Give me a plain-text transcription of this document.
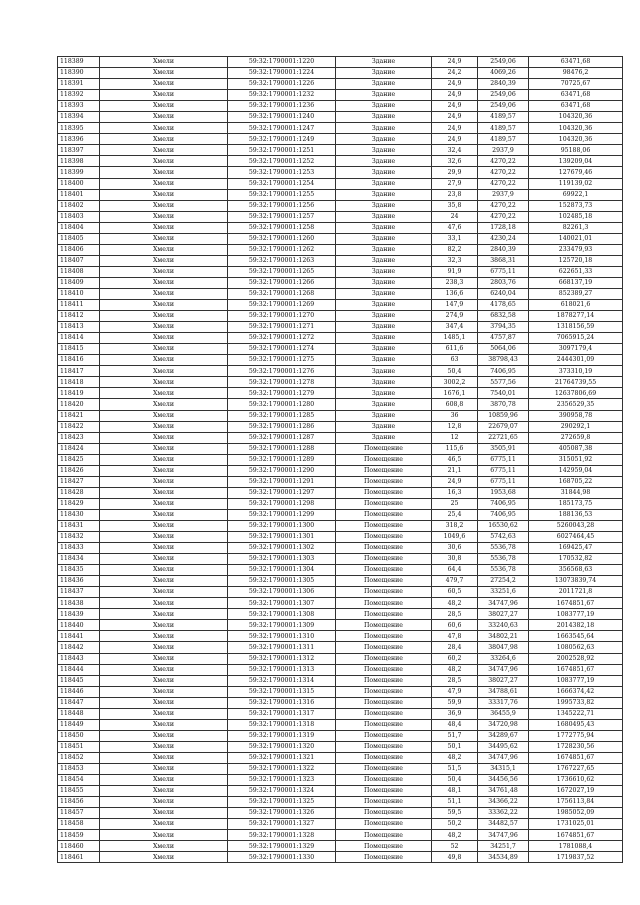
118389	Хмели	59:32:1790001:1220	Здание	24,9	2549,06	63471,68
118390	Хмели	59:32:1790001:1224	Здание	24,2	4069,26	98476,2
118391	Хмели	59:32:1790001:1226	Здание	24,9	2840,39	70725,67
118392	Хмели	59:32:1790001:1232	Здание	24,9	2549,06	63471,68
118393	Хмели	59:32:1790001:1236	Здание	24,9	2549,06	63471,68
118394	Хмели	59:32:1790001:1240	Здание	24,9	4189,57	104320,36
118395	Хмели	59:32:1790001:1247	Здание	24,9	4189,57	104320,36
118396	Хмели	59:32:1790001:1249	Здание	24,9	4189,57	104320,36
118397	Хмели	59:32:1790001:1251	Здание	32,4	2937,9	95188,06
118398	Хмели	59:32:1790001:1252	Здание	32,6	4270,22	139209,04
118399	Хмели	59:32:1790001:1253	Здание	29,9	4270,22	127679,46
118400	Хмели	59:32:1790001:1254	Здание	27,9	4270,22	119139,02
118401	Хмели	59:32:1790001:1255	Здание	23,8	2937,9	69922,1
118402	Хмели	59:32:1790001:1256	Здание	35,8	4270,22	152873,73
118403	Хмели	59:32:1790001:1257	Здание	24	4270,22	102485,18
118404	Хмели	59:32:1790001:1258	Здание	47,6	1728,18	82261,3
118405	Хмели	59:32:1790001:1260	Здание	33,1	4230,24	140021,01
118406	Хмели	59:32:1790001:1262	Здание	82,2	2840,39	233479,93
118407	Хмели	59:32:1790001:1263	Здание	32,3	3868,31	125720,18
118408	Хмели	59:32:1790001:1265	Здание	91,9	6775,11	622651,33
118409	Хмели	59:32:1790001:1266	Здание	238,3	2803,76	668137,19
118410	Хмели	59:32:1790001:1268	Здание	136,6	6240,04	852389,27
118411	Хмели	59:32:1790001:1269	Здание	147,9	4178,65	618021,6
118412	Хмели	59:32:1790001:1270	Здание	274,9	6832,58	1878277,14
118413	Хмели	59:32:1790001:1271	Здание	347,4	3794,35	1318156,59
118414	Хмели	59:32:1790001:1272	Здание	1485,1	4757,87	7065915,24
118415	Хмели	59:32:1790001:1274	Здание	611,6	5064,06	3097179,4
118416	Хмели	59:32:1790001:1275	Здание	63	38798,43	2444301,09
118417	Хмели	59:32:1790001:1276	Здание	50,4	7406,95	373310,19
118418	Хмели	59:32:1790001:1278	Здание	3002,2	5577,56	21764739,55
118419	Хмели	59:32:1790001:1279	Здание	1676,1	7540,01	12637806,69
118420	Хмели	59:32:1790001:1280	Здание	608,8	3870,78	2356529,35
118421	Хмели	59:32:1790001:1285	Здание	36	10859,96	390958,78
118422	Хмели	59:32:1790001:1286	Здание	12,8	22679,07	290292,1
118423	Хмели	59:32:1790001:1287	Здание	12	22721,65	272659,8
118424	Хмели	59:32:1790001:1288	Помещение	115,6	3505,91	405087,38
118425	Хмели	59:32:1790001:1289	Помещение	46,5	6775,11	315051,92
118426	Хмели	59:32:1790001:1290	Помещение	21,1	6775,11	142959,04
118427	Хмели	59:32:1790001:1291	Помещение	24,9	6775,11	168705,22
118428	Хмели	59:32:1790001:1297	Помещение	16,3	1953,68	31844,98
118429	Хмели	59:32:1790001:1298	Помещение	25	7406,95	185173,75
118430	Хмели	59:32:1790001:1299	Помещение	25,4	7406,95	188136,53
118431	Хмели	59:32:1790001:1300	Помещение	318,2	16530,62	5260043,28
118432	Хмели	59:32:1790001:1301	Помещение	1049,6	5742,63	6027464,45
118433	Хмели	59:32:1790001:1302	Помещение	30,6	5536,78	169425,47
118434	Хмели	59:32:1790001:1303	Помещение	30,8	5536,78	170532,82
118435	Хмели	59:32:1790001:1304	Помещение	64,4	5536,78	356568,63
118436	Хмели	59:32:1790001:1305	Помещение	479,7	27254,2	13073839,74
118437	Хмели	59:32:1790001:1306	Помещение	60,5	33251,6	2011721,8
118438	Хмели	59:32:1790001:1307	Помещение	48,2	34747,96	1674851,67
118439	Хмели	59:32:1790001:1308	Помещение	28,5	38027,27	1083777,19
118440	Хмели	59:32:1790001:1309	Помещение	60,6	33240,63	2014382,18
118441	Хмели	59:32:1790001:1310	Помещение	47,8	34802,21	1663545,64
118442	Хмели	59:32:1790001:1311	Помещение	28,4	38047,98	1080562,63
118443	Хмели	59:32:1790001:1312	Помещение	60,2	33264,6	2002528,92
118444	Хмели	59:32:1790001:1313	Помещение	48,2	34747,96	1674851,67
118445	Хмели	59:32:1790001:1314	Помещение	28,5	38027,27	1083777,19
118446	Хмели	59:32:1790001:1315	Помещение	47,9	34788,61	1666374,42
118447	Хмели	59:32:1790001:1316	Помещение	59,9	33317,76	1995733,82
118448	Хмели	59:32:1790001:1317	Помещение	36,9	36455,9	1345222,71
118449	Хмели	59:32:1790001:1318	Помещение	48,4	34720,98	1680495,43
118450	Хмели	59:32:1790001:1319	Помещение	51,7	34289,67	1772775,94
118451	Хмели	59:32:1790001:1320	Помещение	50,1	34495,62	1728230,56
118452	Хмели	59:32:1790001:1321	Помещение	48,2	34747,96	1674851,67
118453	Хмели	59:32:1790001:1322	Помещение	51,5	34315,1	1767227,65
118454	Хмели	59:32:1790001:1323	Помещение	50,4	34456,56	1736610,62
118455	Хмели	59:32:1790001:1324	Помещение	48,1	34761,48	1672027,19
118456	Хмели	59:32:1790001:1325	Помещение	51,1	34366,22	1756113,84
118457	Хмели	59:32:1790001:1326	Помещение	59,5	33362,22	1985052,09
118458	Хмели	59:32:1790001:1327	Помещение	50,2	34482,57	1731025,01
118459	Хмели	59:32:1790001:1328	Помещение	48,2	34747,96	1674851,67
118460	Хмели	59:32:1790001:1329	Помещение	52	34251,7	1781088,4
118461	Хмели	59:32:1790001:1330	Помещение	49,8	34534,89	1719837,52
